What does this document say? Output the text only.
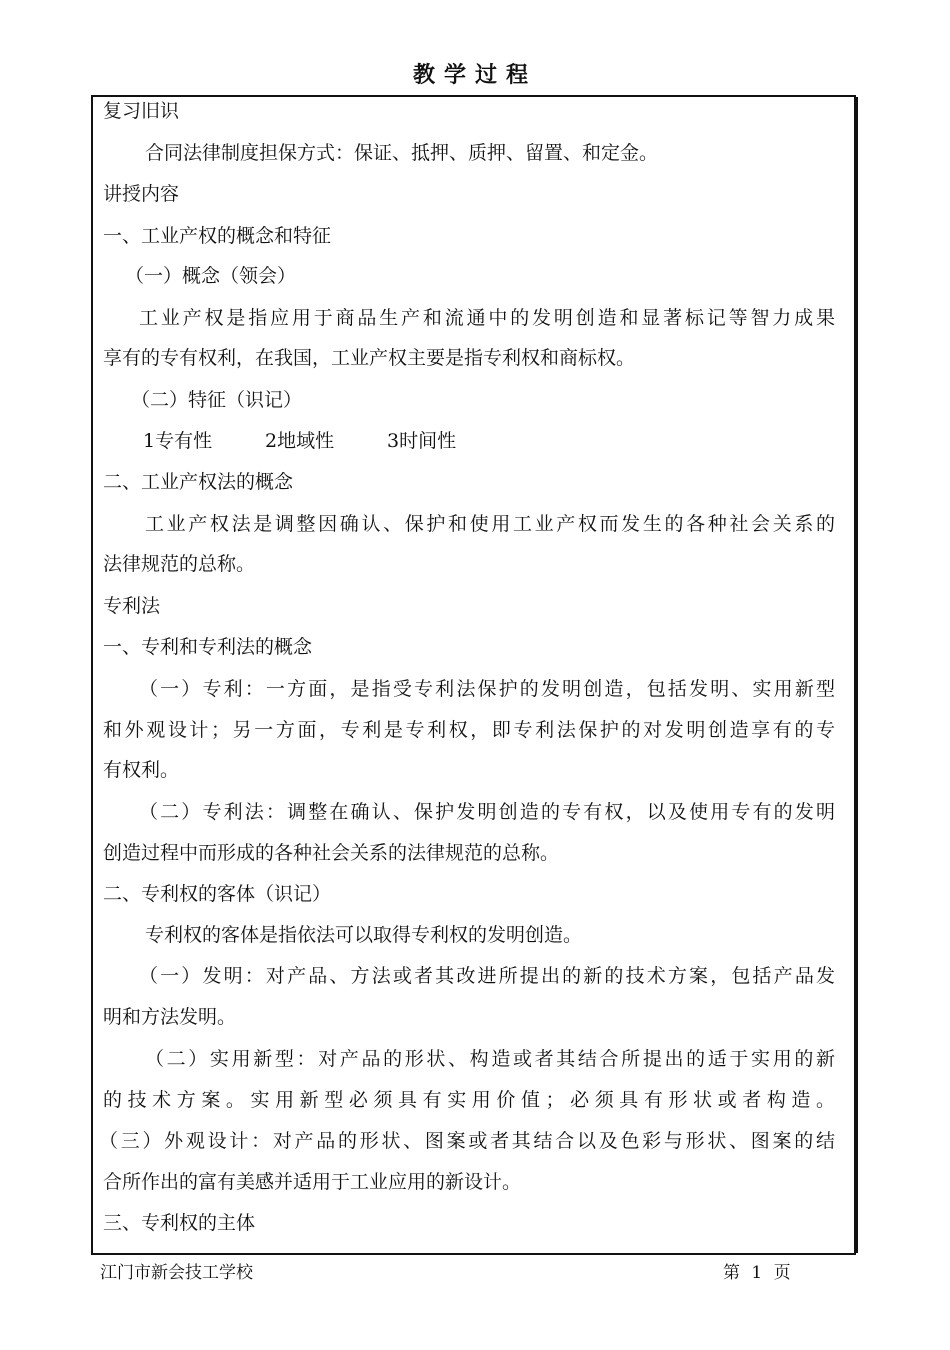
教学过程
复习旧识
合同法律制度担保方式：保证、抵押、质押、留置、和定金。
讲授内容
一、工业产权的概念和特征
（一）概念（领会）
工业产权是指应用于商品生产和流通中的发明创造和显著标记等智力成果
享有的专有权利，在我国，工业产权主要是指专利权和商标权。
（二）特征（识记）
1专有性	2地域性	3时间性
二、工业产权法的概念
工业产权法是调整因确认、保护和使用工业产权而发生的各种社会关系的
法律规范的总称。
专利法
一、专利和专利法的概念
（一）专利：一方面，是指受专利法保护的发明创造，包括发明、实用新型
和外观设计；另一方面，专利是专利权，即专利法保护的对发明创造享有的专
有权利。
（二）专利法：调整在确认、保护发明创造的专有权，以及使用专有的发明
创造过程中而形成的各种社会关系的法律规范的总称。
二、专利权的客体（识记）
专利权的客体是指依法可以取得专利权的发明创造。
（一）发明：对产品、方法或者其改进所提出的新的技术方案，包括产品发
明和方法发明。
（二）实用新型：对产品的形状、构造或者其结合所提出的适于实用的新
的技术方案。实用新型必须具有实用价值；必须具有形状或者构造。
（三）外观设计：对产品的形状、图案或者其结合以及色彩与形状、图案的结
合所作出的富有美感并适用于工业应用的新设计。
三、专利权的主体
江门市新会技工学校	第 1 页
